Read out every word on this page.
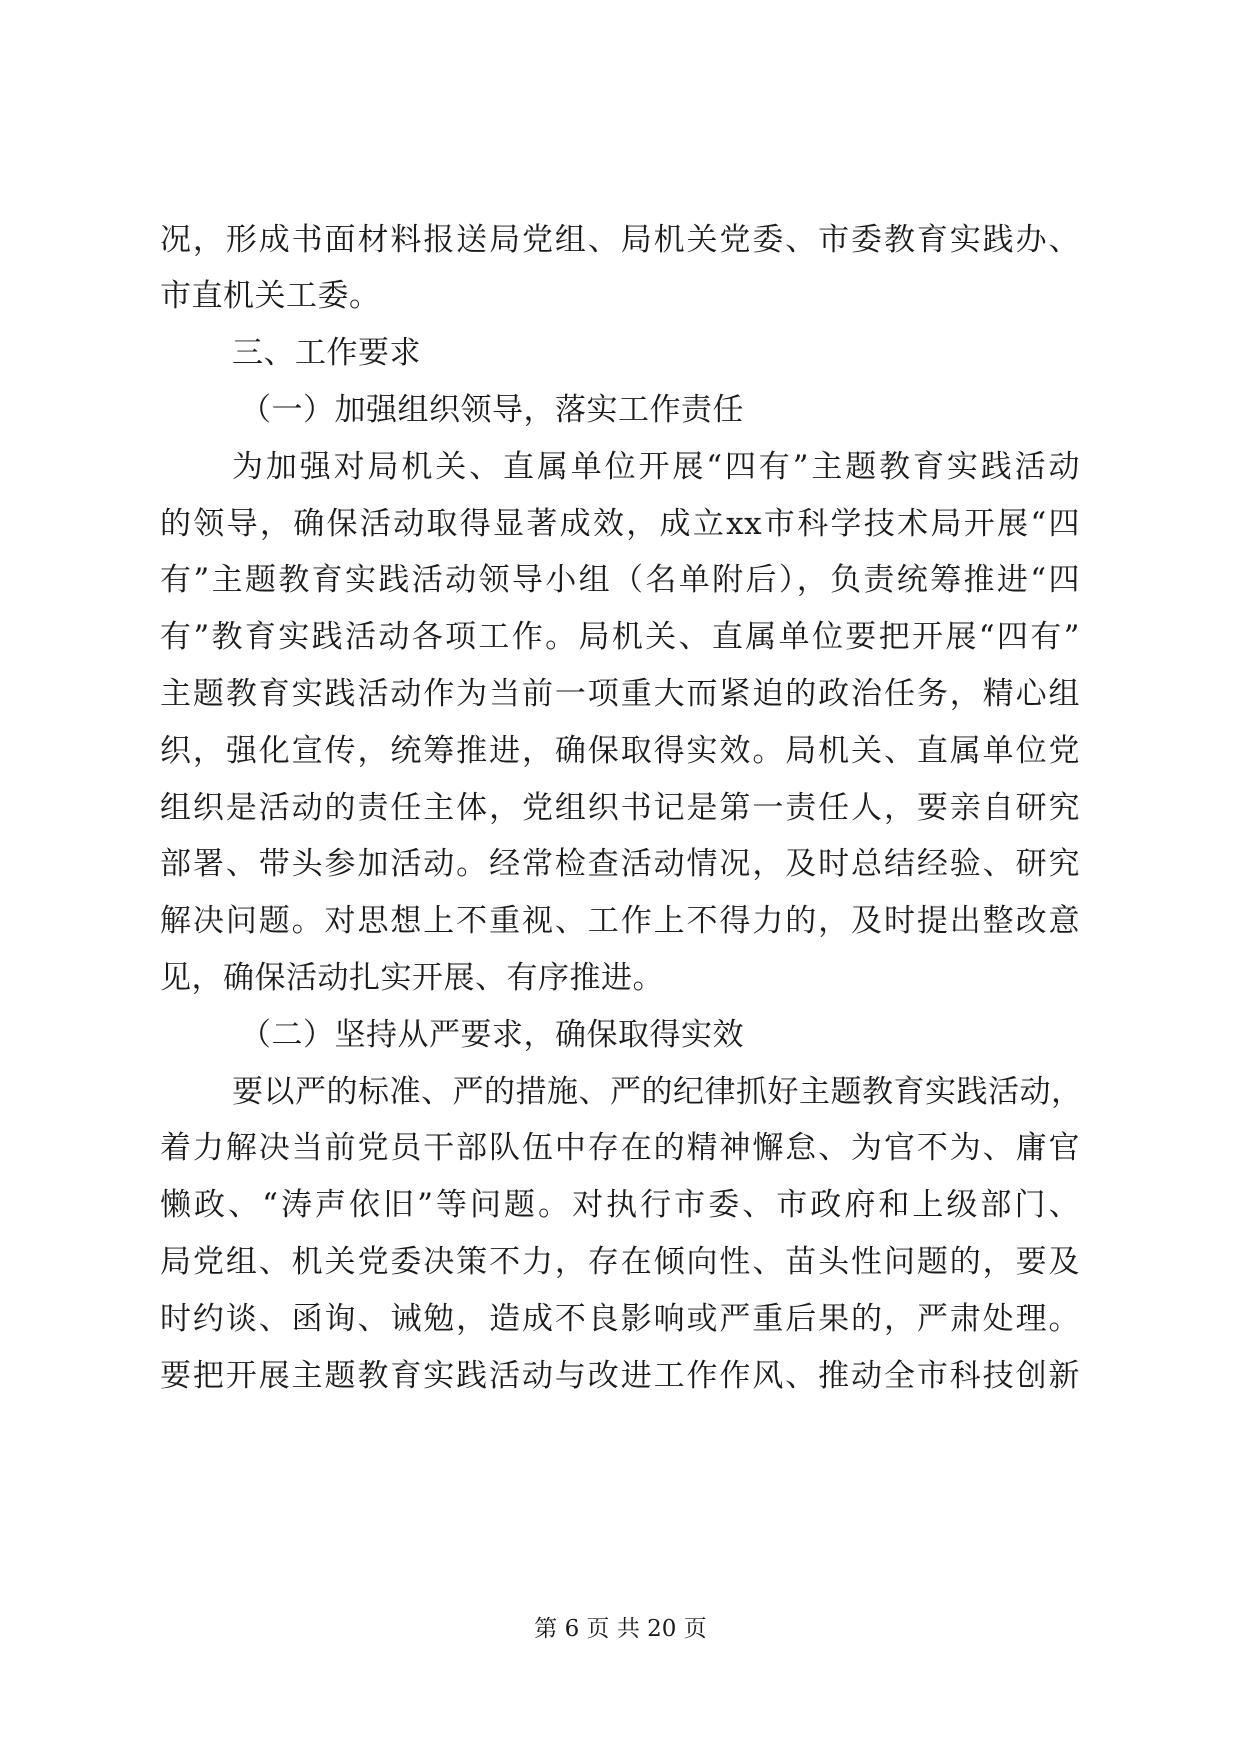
况，形成书面材料报送局党组、局机关党委、市委教育实践办、
市直机关工委。
三、工作要求
（一）加强组织领导，落实工作责任
为加强对局机关、直属单位开展“四有”主题教育实践活动
的领导，确保活动取得显著成效，成立xx市科学技术局开展“四
有”主题教育实践活动领导小组（名单附后），负责统筹推进“四
有”教育实践活动各项工作。局机关、直属单位要把开展“四有”
主题教育实践活动作为当前一项重大而紧迫的政治任务，精心组
织，强化宣传，统筹推进，确保取得实效。局机关、直属单位党
组织是活动的责任主体，党组织书记是第一责任人，要亲自研究
部署、带头参加活动。经常检查活动情况，及时总结经验、研究
解决问题。对思想上不重视、工作上不得力的，及时提出整改意
见，确保活动扎实开展、有序推进。
（二）坚持从严要求，确保取得实效
要以严的标准、严的措施、严的纪律抓好主题教育实践活动，
着力解决当前党员干部队伍中存在的精神懈怠、为官不为、庸官
懒政、“涛声依旧”等问题。对执行市委、市政府和上级部门、
局党组、机关党委决策不力，存在倾向性、苗头性问题的，要及
时约谈、函询、诫勉，造成不良影响或严重后果的，严肃处理。
要把开展主题教育实践活动与改进工作作风、推动全市科技创新
第 6 页 共 20 页
